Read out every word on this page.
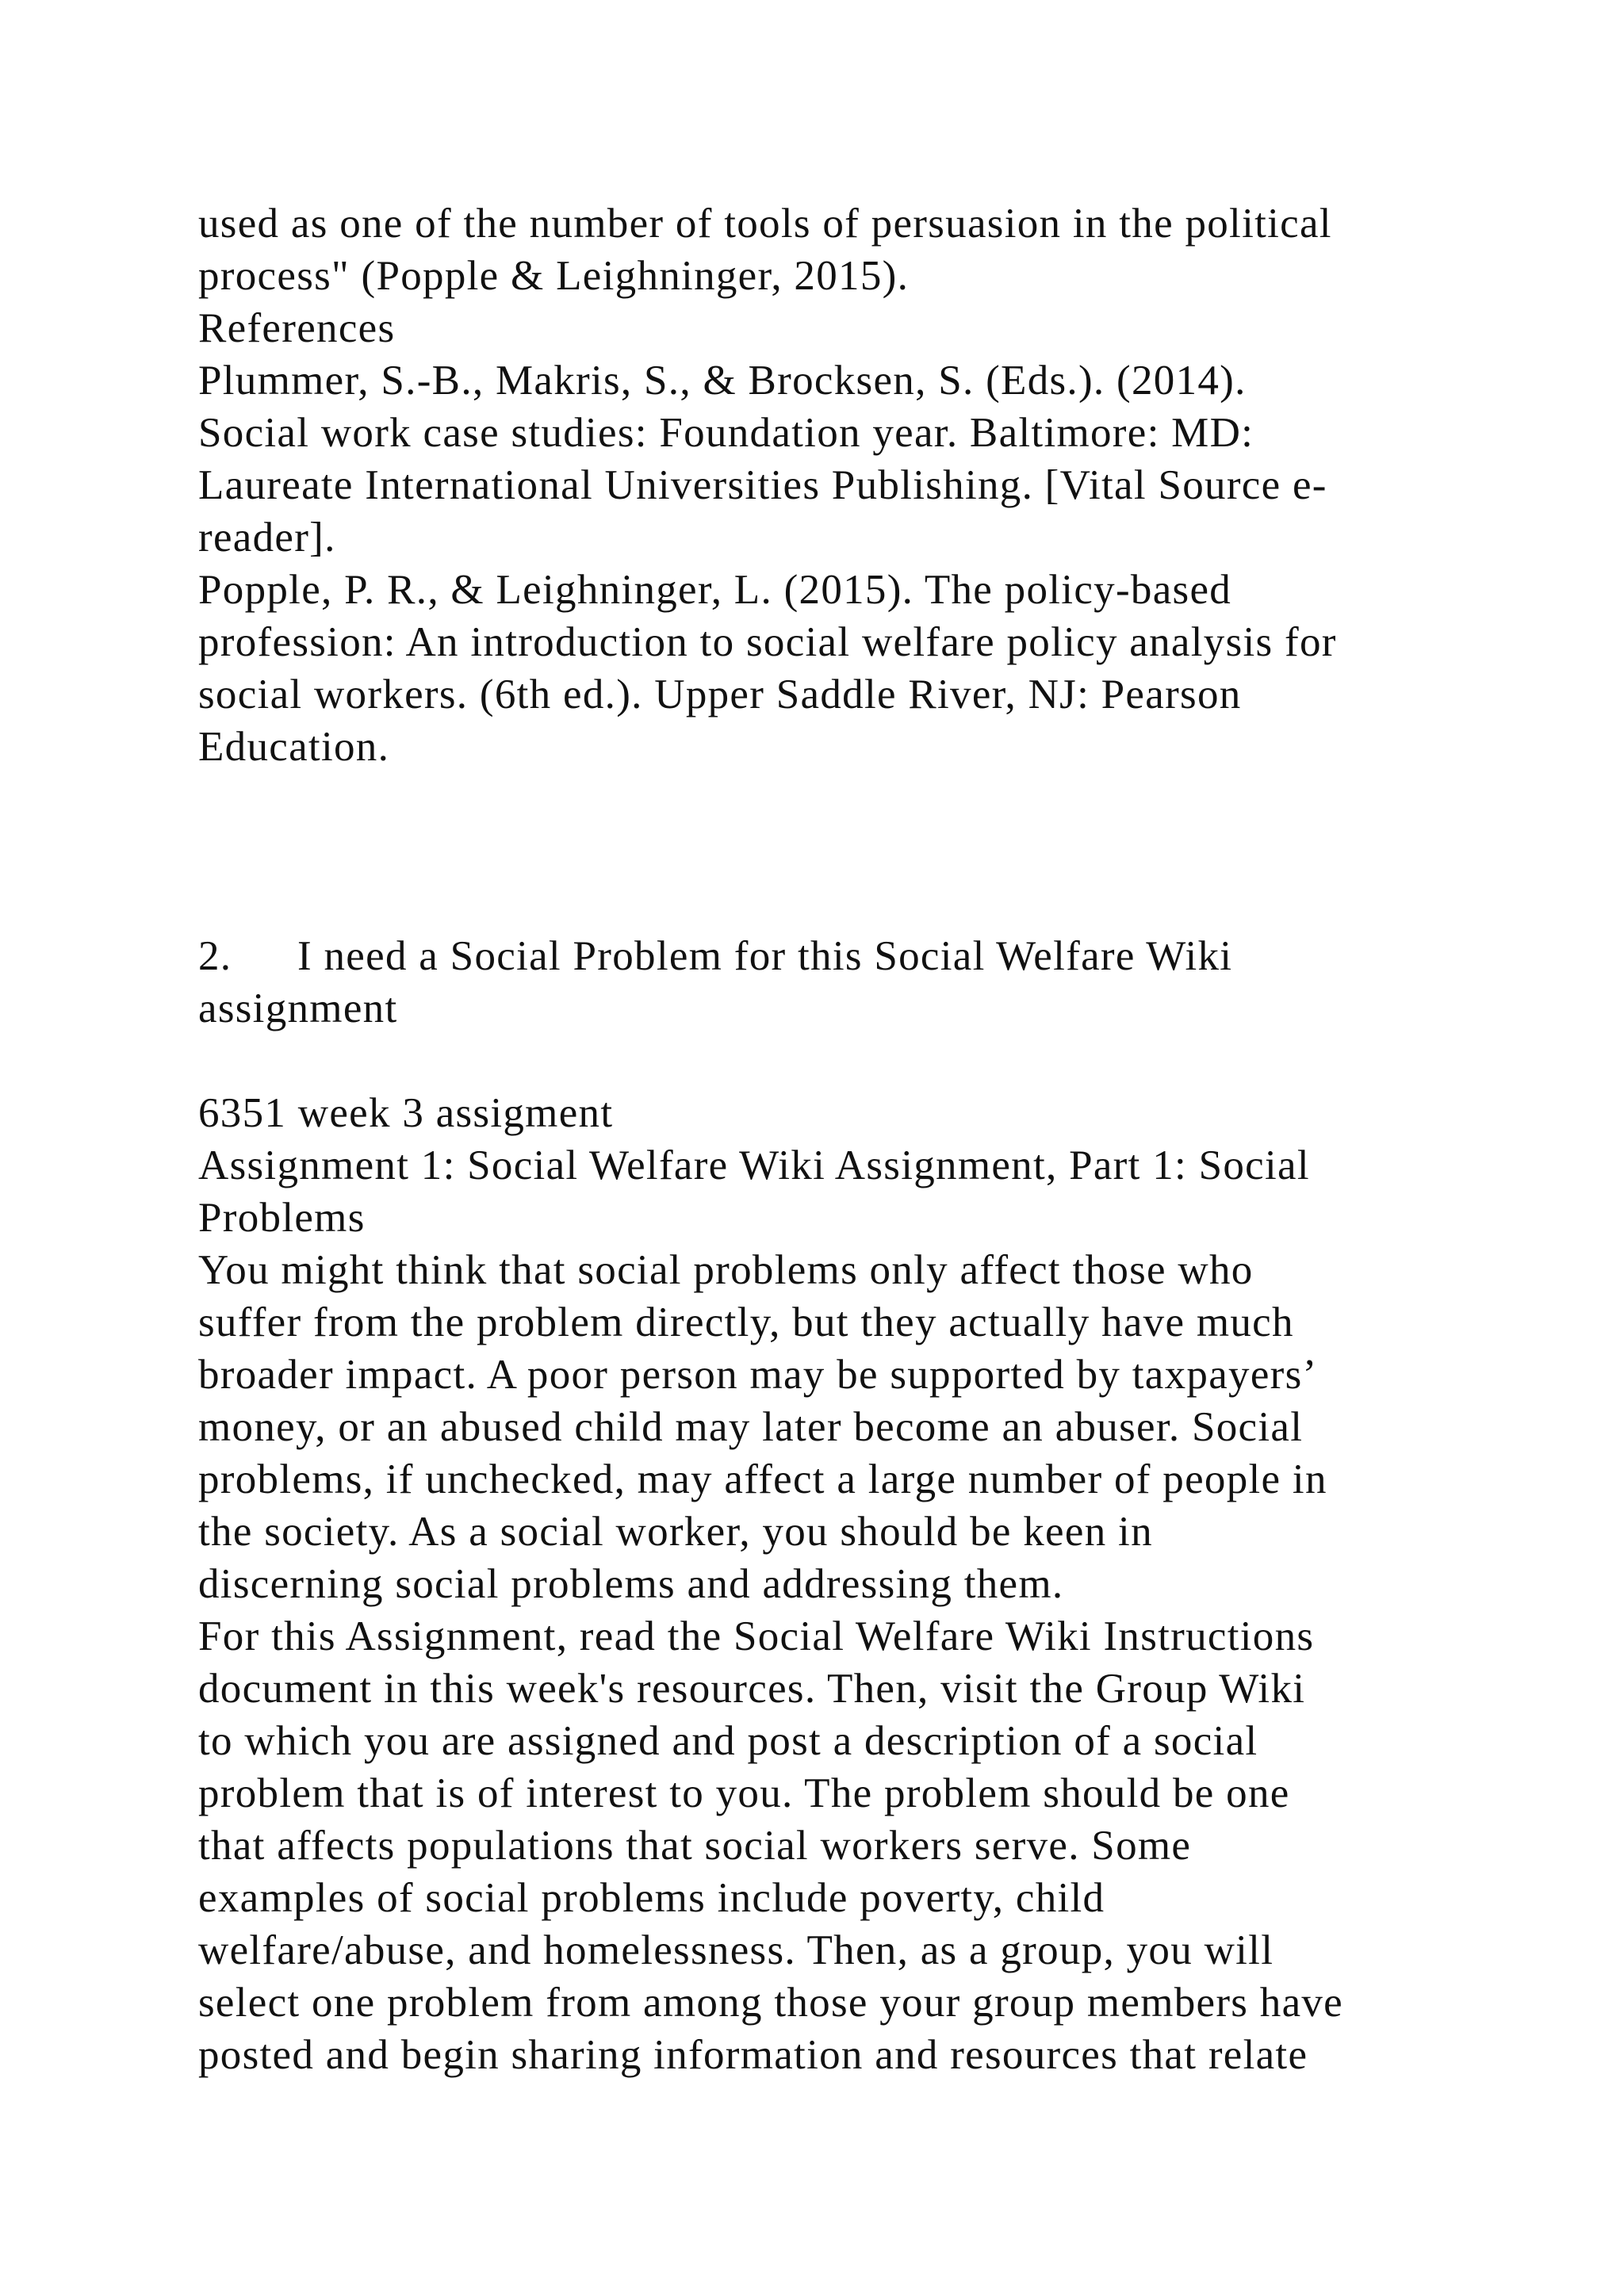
used as one of the number of tools of persuasion in the political
process" (Popple & Leighninger, 2015).
References
Plummer, S.-B., Makris, S., & Brocksen, S. (Eds.). (2014).
Social work case studies: Foundation year. Baltimore: MD:
Laureate International Universities Publishing. [Vital Source e-
reader].
Popple, P. R., & Leighninger, L. (2015). The policy-based
profession: An introduction to social welfare policy analysis for
social workers. (6th ed.). Upper Saddle River, NJ: Pearson
Education.
2. I need a Social Problem for this Social Welfare Wiki
assignment
6351 week 3 assigment
Assignment 1: Social Welfare Wiki Assignment, Part 1: Social
Problems
You might think that social problems only affect those who
suffer from the problem directly, but they actually have much
broader impact. A poor person may be supported by taxpayers’
money, or an abused child may later become an abuser. Social
problems, if unchecked, may affect a large number of people in
the society. As a social worker, you should be keen in
discerning social problems and addressing them.
For this Assignment, read the Social Welfare Wiki Instructions
document in this week's resources. Then, visit the Group Wiki
to which you are assigned and post a description of a social
problem that is of interest to you. The problem should be one
that affects populations that social workers serve. Some
examples of social problems include poverty, child
welfare/abuse, and homelessness. Then, as a group, you will
select one problem from among those your group members have
posted and begin sharing information and resources that relate
